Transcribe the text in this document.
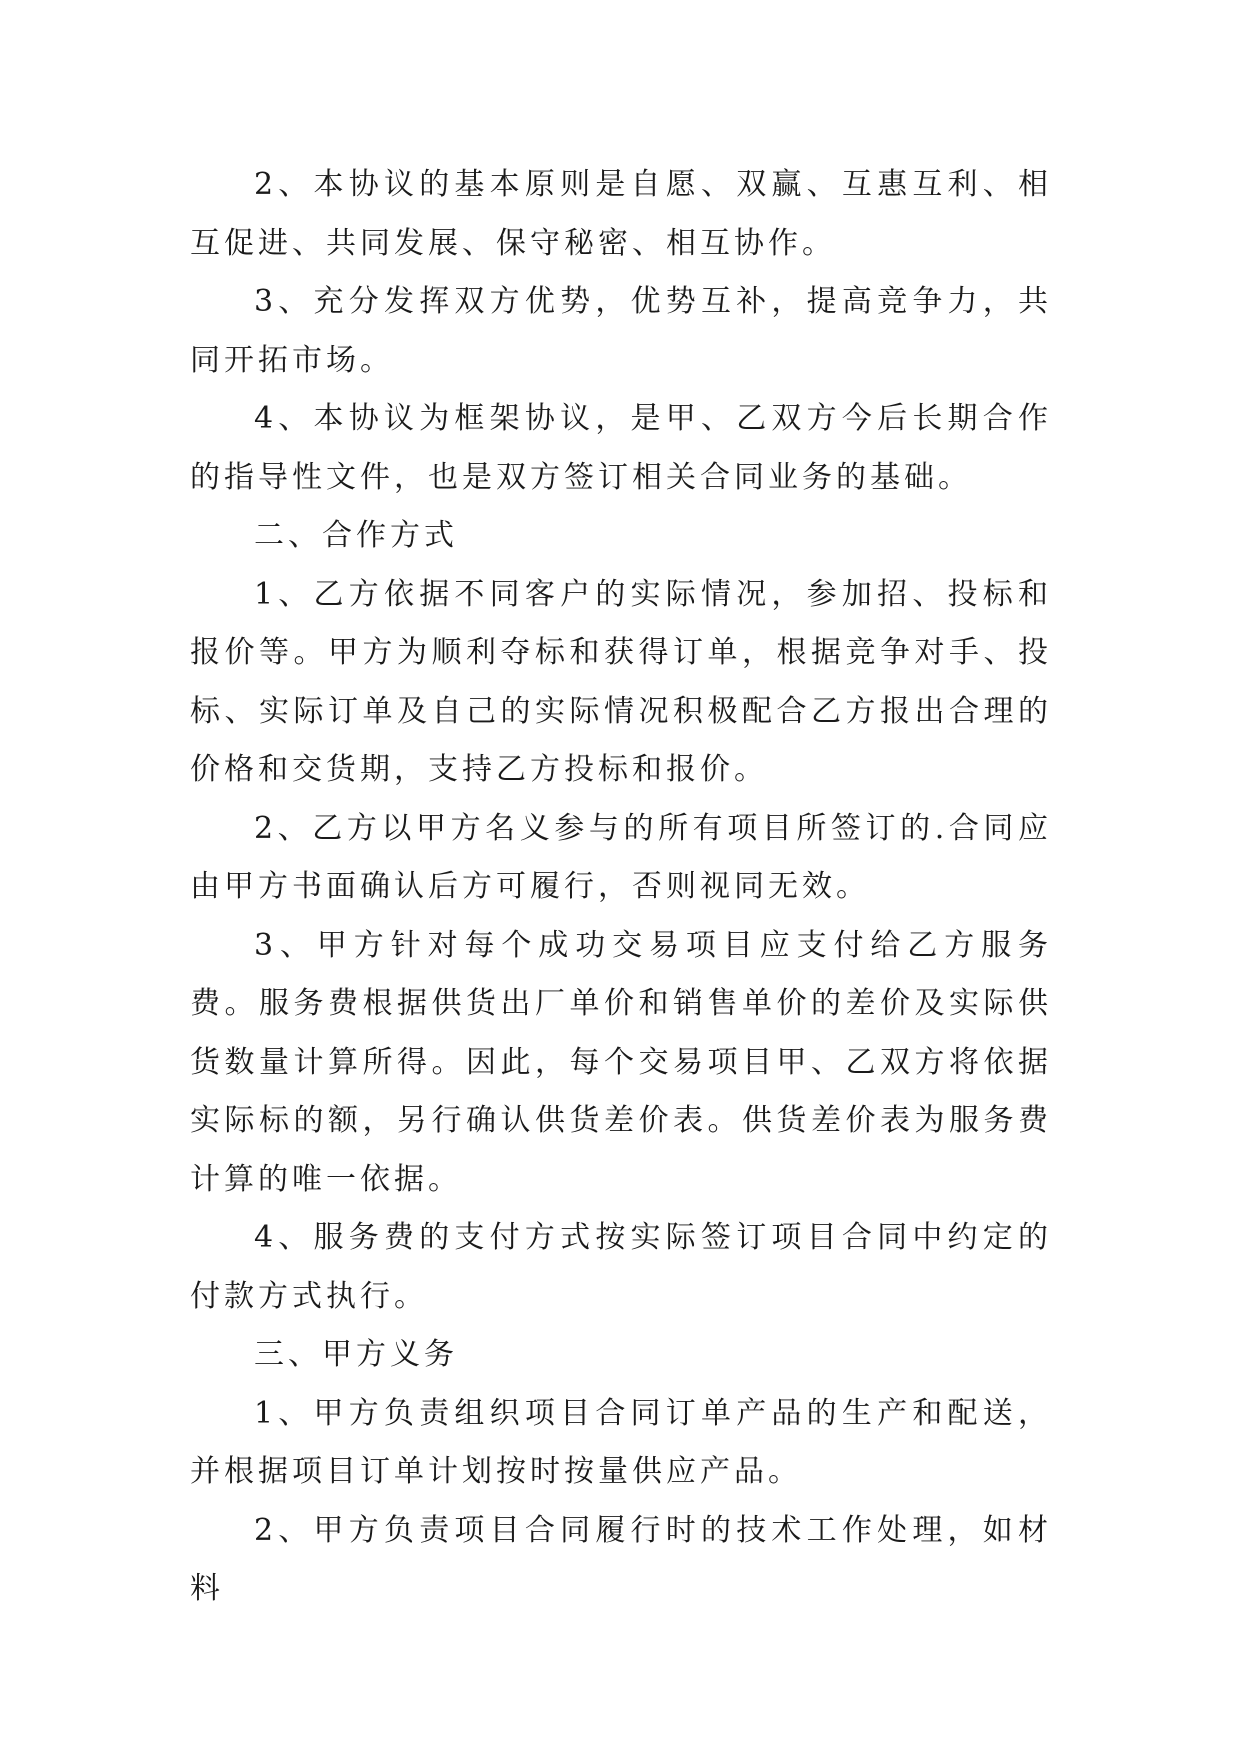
2、本协议的基本原则是自愿、双赢、互惠互利、相互促进、共同发展、保守秘密、相互协作。

3、充分发挥双方优势，优势互补，提高竞争力，共同开拓市场。

4、本协议为框架协议，是甲、乙双方今后长期合作的指导性文件，也是双方签订相关合同业务的基础。

二、合作方式

1、乙方依据不同客户的实际情况，参加招、投标和报价等。甲方为顺利夺标和获得订单，根据竞争对手、投标、实际订单及自己的实际情况积极配合乙方报出合理的价格和交货期，支持乙方投标和报价。

2、乙方以甲方名义参与的所有项目所签订的.合同应由甲方书面确认后方可履行，否则视同无效。

3、甲方针对每个成功交易项目应支付给乙方服务费。服务费根据供货出厂单价和销售单价的差价及实际供货数量计算所得。因此，每个交易项目甲、乙双方将依据实际标的额，另行确认供货差价表。供货差价表为服务费计算的唯一依据。

4、服务费的支付方式按实际签订项目合同中约定的付款方式执行。

三、甲方义务

1、甲方负责组织项目合同订单产品的生产和配送，并根据项目订单计划按时按量供应产品。

2、甲方负责项目合同履行时的技术工作处理，如材料
